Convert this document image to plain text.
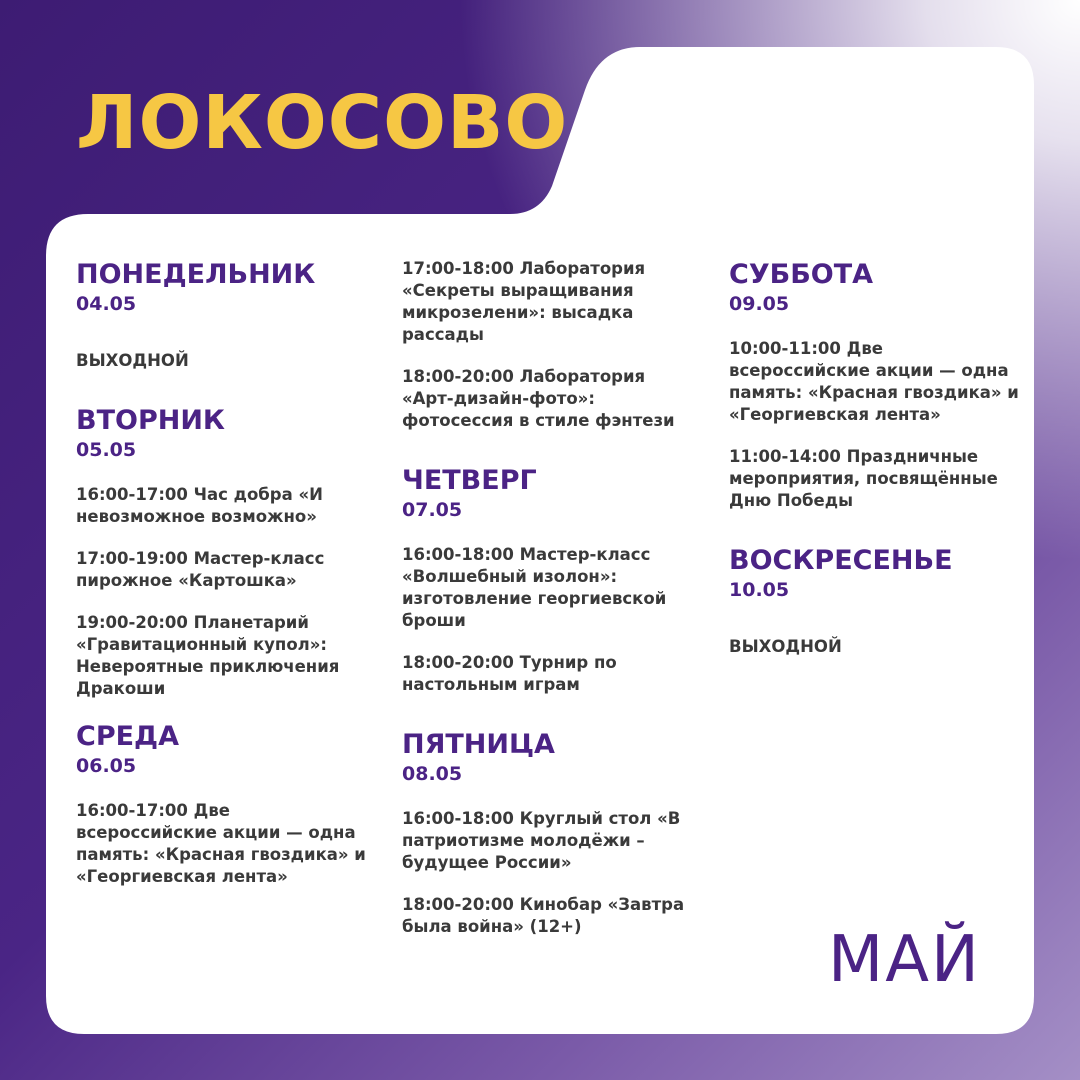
ЛОКОСОВО

ПОНЕДЕЛЬНИК

04.05

ВЫХОДНОЙ

ВТОРНИК

05.05

16:00-17:00 Час добра «И невозможное возможно»

17:00-19:00 Мастер-класс пирожное «Картошка»

19:00-20:00 Планетарий «Гравитационный купол»: Невероятные приключения Дракоши

СРЕДА

06.05

16:00-17:00 Две всероссийские акции — одна память: «Красная гвоздика» и «Георгиевская лента»

17:00-18:00 Лаборатория «Секреты выращивания микрозелени»: высадка рассады

18:00-20:00 Лаборатория «Арт-дизайн-фото»: фотосессия в стиле фэнтези

ЧЕТВЕРГ

07.05

16:00-18:00 Мастер-класс «Волшебный изолон»: изготовление георгиевской броши

18:00-20:00 Турнир по настольным играм

ПЯТНИЦА

08.05

16:00-18:00 Круглый стол «В патриотизме молодёжи – будущее России»

18:00-20:00 Кинобар «Завтра была война» (12+)

СУББОТА

09.05

10:00-11:00 Две всероссийские акции — одна память: «Красная гвоздика» и «Георгиевская лента»

11:00-14:00 Праздничные мероприятия, посвящённые Дню Победы

ВОСКРЕСЕНЬЕ

10.05

ВЫХОДНОЙ

МАЙ
